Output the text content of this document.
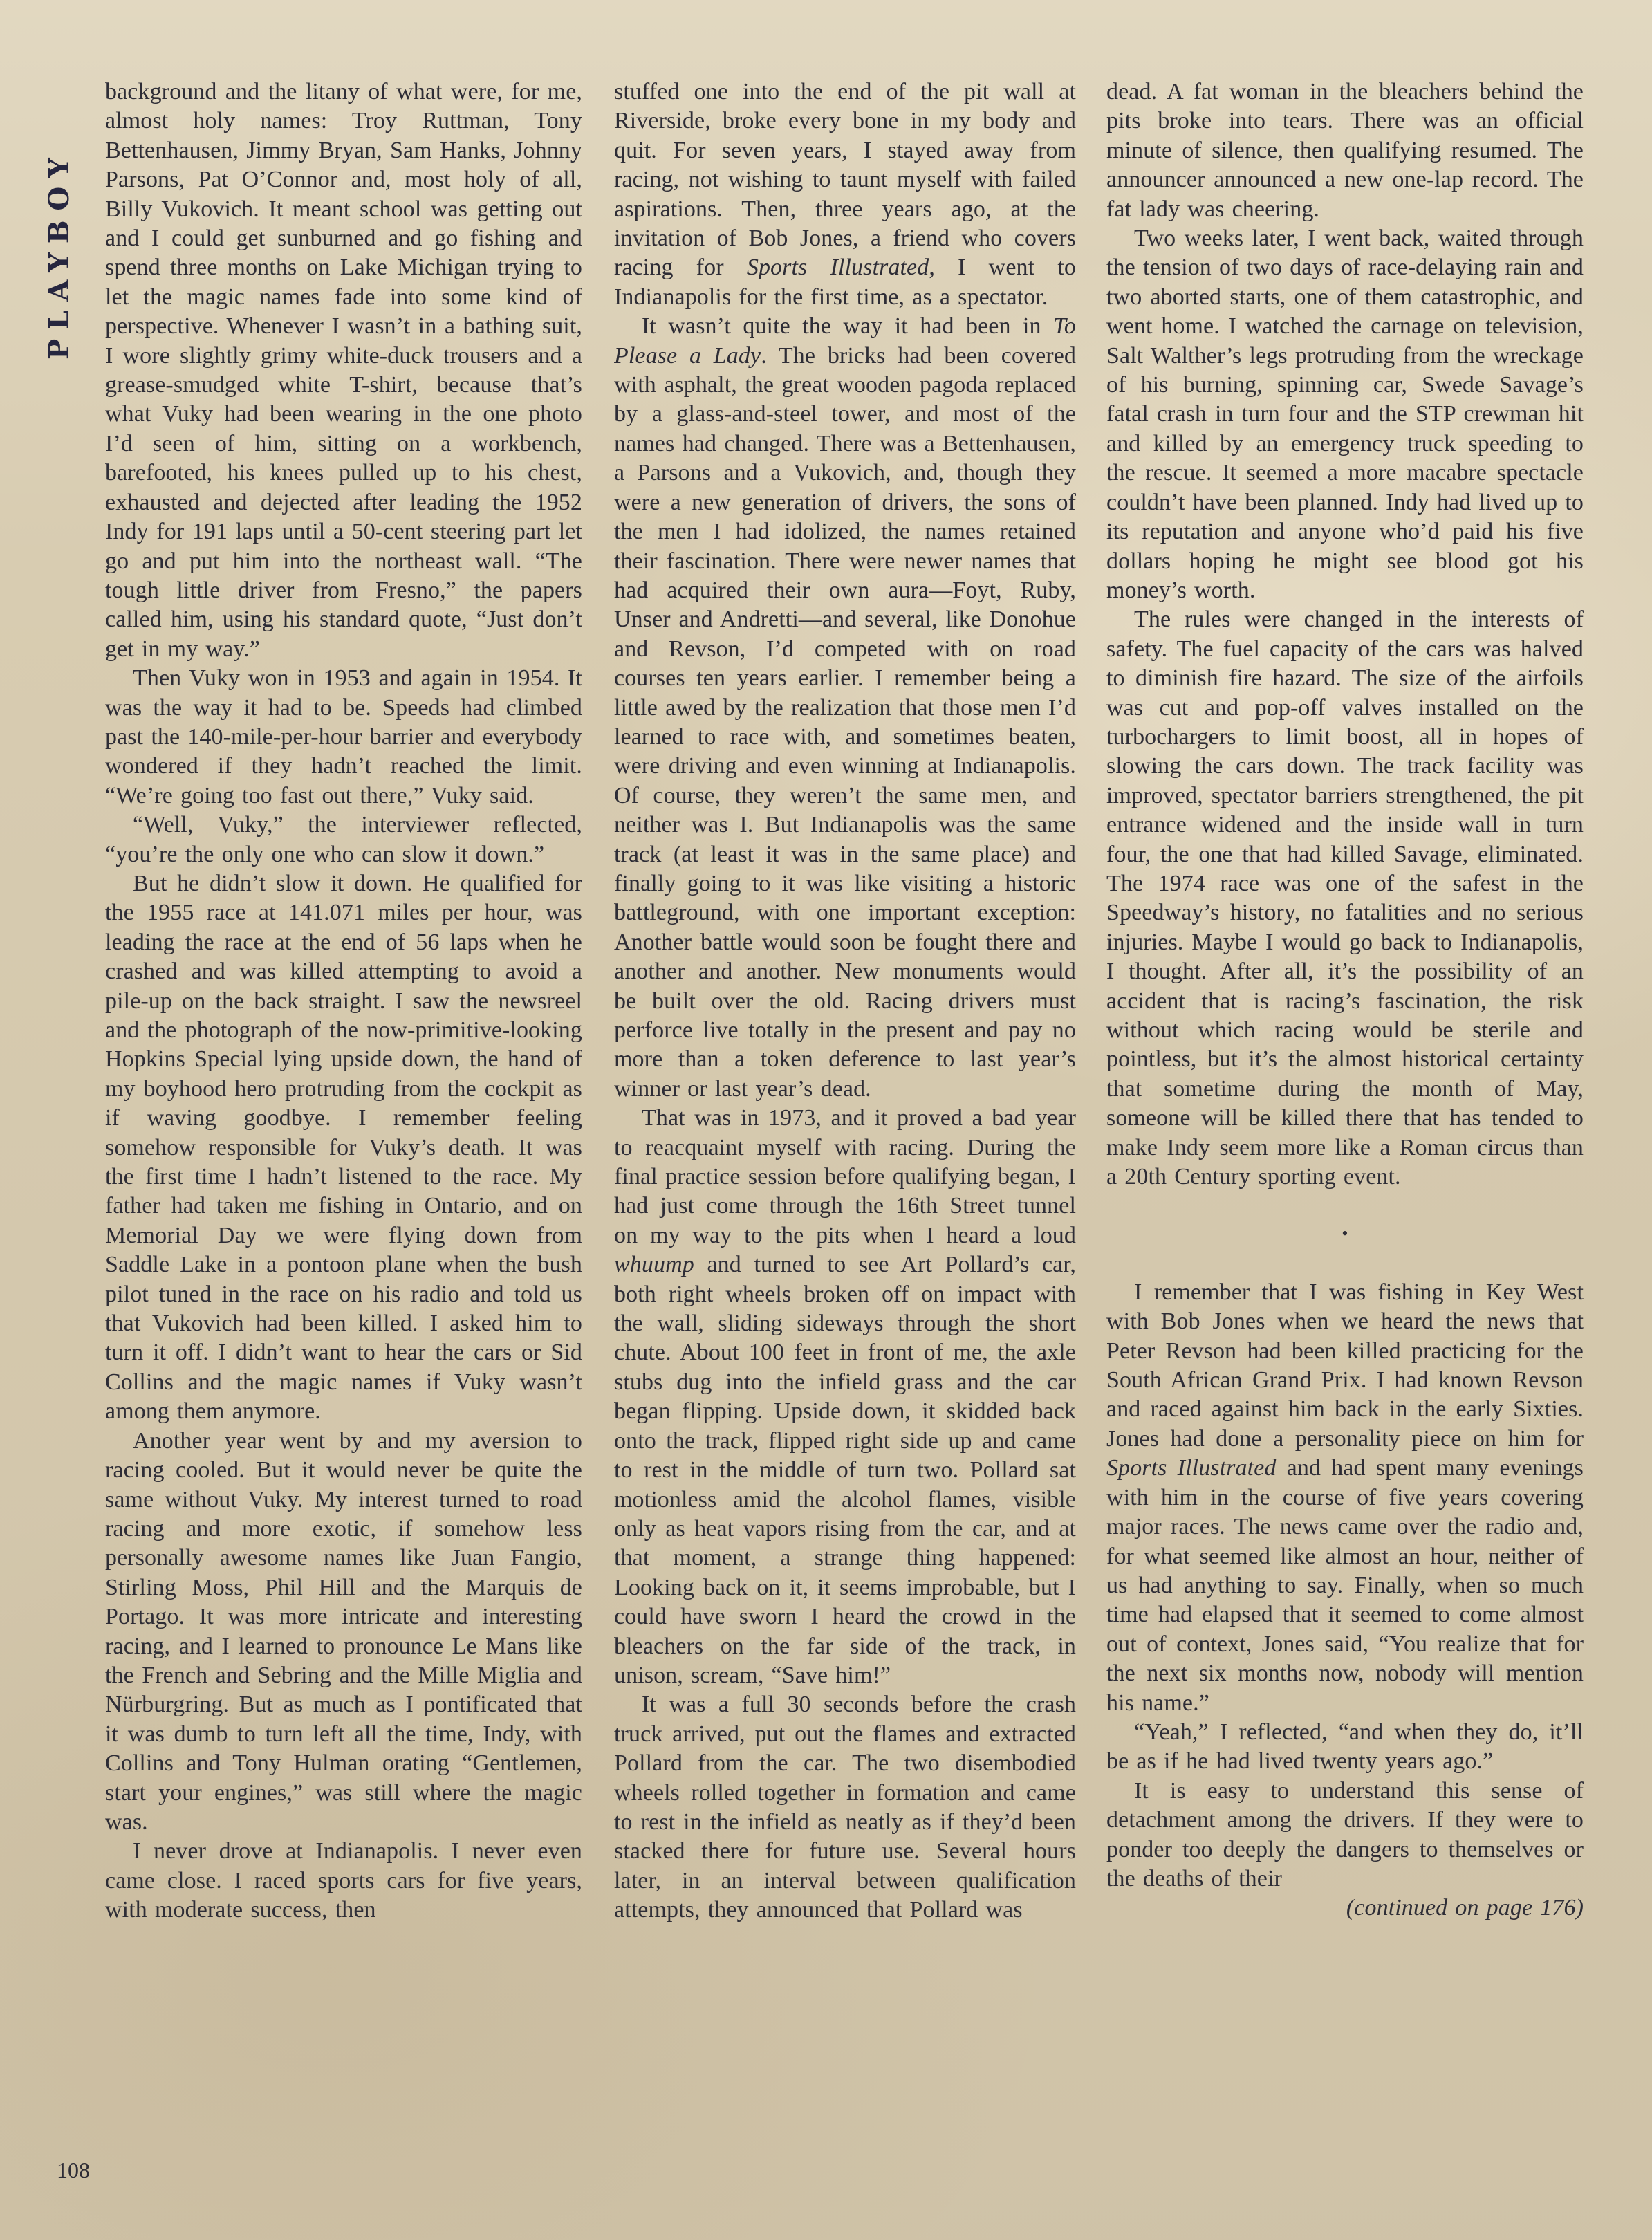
PLAYBOY

background and the litany of what were, for me, almost holy names: Troy Ruttman, Tony Bettenhausen, Jimmy Bryan, Sam Hanks, Johnny Parsons, Pat O’Connor and, most holy of all, Billy Vukovich. It meant school was getting out and I could get sunburned and go fishing and spend three months on Lake Michigan trying to let the magic names fade into some kind of perspective. Whenever I wasn’t in a bathing suit, I wore slightly grimy white-duck trousers and a grease-smudged white T-shirt, because that’s what Vuky had been wearing in the one photo I’d seen of him, sitting on a workbench, barefooted, his knees pulled up to his chest, exhausted and dejected after leading the 1952 Indy for 191 laps until a 50-cent steering part let go and put him into the northeast wall. “The tough little driver from Fresno,” the papers called him, using his standard quote, “Just don’t get in my way.”

Then Vuky won in 1953 and again in 1954. It was the way it had to be. Speeds had climbed past the 140-mile-per-hour barrier and everybody wondered if they hadn’t reached the limit. “We’re going too fast out there,” Vuky said.

“Well, Vuky,” the interviewer reflected, “you’re the only one who can slow it down.”

But he didn’t slow it down. He qualified for the 1955 race at 141.071 miles per hour, was leading the race at the end of 56 laps when he crashed and was killed attempting to avoid a pile-up on the back straight. I saw the newsreel and the photograph of the now-primitive-looking Hopkins Special lying upside down, the hand of my boyhood hero protruding from the cockpit as if waving goodbye. I remember feeling somehow responsible for Vuky’s death. It was the first time I hadn’t listened to the race. My father had taken me fishing in Ontario, and on Memorial Day we were flying down from Saddle Lake in a pontoon plane when the bush pilot tuned in the race on his radio and told us that Vukovich had been killed. I asked him to turn it off. I didn’t want to hear the cars or Sid Collins and the magic names if Vuky wasn’t among them anymore.

Another year went by and my aversion to racing cooled. But it would never be quite the same without Vuky. My interest turned to road racing and more exotic, if somehow less personally awesome names like Juan Fangio, Stirling Moss, Phil Hill and the Marquis de Portago. It was more intricate and interesting racing, and I learned to pronounce Le Mans like the French and Sebring and the Mille Miglia and Nürburgring. But as much as I pontificated that it was dumb to turn left all the time, Indy, with Collins and Tony Hulman orating “Gentlemen, start your engines,” was still where the magic was.

I never drove at Indianapolis. I never even came close. I raced sports cars for five years, with moderate success, then

stuffed one into the end of the pit wall at Riverside, broke every bone in my body and quit. For seven years, I stayed away from racing, not wishing to taunt myself with failed aspirations. Then, three years ago, at the invitation of Bob Jones, a friend who covers racing for Sports Illustrated, I went to Indianapolis for the first time, as a spectator.

It wasn’t quite the way it had been in To Please a Lady. The bricks had been covered with asphalt, the great wooden pagoda replaced by a glass-and-steel tower, and most of the names had changed. There was a Bettenhausen, a Parsons and a Vukovich, and, though they were a new generation of drivers, the sons of the men I had idolized, the names retained their fascination. There were newer names that had acquired their own aura—Foyt, Ruby, Unser and Andretti—and several, like Donohue and Revson, I’d competed with on road courses ten years earlier. I remember being a little awed by the realization that those men I’d learned to race with, and sometimes beaten, were driving and even winning at Indianapolis. Of course, they weren’t the same men, and neither was I. But Indianapolis was the same track (at least it was in the same place) and finally going to it was like visiting a historic battleground, with one important exception: Another battle would soon be fought there and another and another. New monuments would be built over the old. Racing drivers must perforce live totally in the present and pay no more than a token deference to last year’s winner or last year’s dead.

That was in 1973, and it proved a bad year to reacquaint myself with racing. During the final practice session before qualifying began, I had just come through the 16th Street tunnel on my way to the pits when I heard a loud whuump and turned to see Art Pollard’s car, both right wheels broken off on impact with the wall, sliding sideways through the short chute. About 100 feet in front of me, the axle stubs dug into the infield grass and the car began flipping. Upside down, it skidded back onto the track, flipped right side up and came to rest in the middle of turn two. Pollard sat motionless amid the alcohol flames, visible only as heat vapors rising from the car, and at that moment, a strange thing happened: Looking back on it, it seems improbable, but I could have sworn I heard the crowd in the bleachers on the far side of the track, in unison, scream, “Save him!”

It was a full 30 seconds before the crash truck arrived, put out the flames and extracted Pollard from the car. The two disembodied wheels rolled together in formation and came to rest in the infield as neatly as if they’d been stacked there for future use. Several hours later, in an interval between qualification attempts, they announced that Pollard was

dead. A fat woman in the bleachers behind the pits broke into tears. There was an official minute of silence, then qualifying resumed. The announcer announced a new one-lap record. The fat lady was cheering.

Two weeks later, I went back, waited through the tension of two days of race-delaying rain and two aborted starts, one of them catastrophic, and went home. I watched the carnage on television, Salt Walther’s legs protruding from the wreckage of his burning, spinning car, Swede Savage’s fatal crash in turn four and the STP crewman hit and killed by an emergency truck speeding to the rescue. It seemed a more macabre spectacle couldn’t have been planned. Indy had lived up to its reputation and anyone who’d paid his five dollars hoping he might see blood got his money’s worth.

The rules were changed in the interests of safety. The fuel capacity of the cars was halved to diminish fire hazard. The size of the airfoils was cut and pop-off valves installed on the turbochargers to limit boost, all in hopes of slowing the cars down. The track facility was improved, spectator barriers strengthened, the pit entrance widened and the inside wall in turn four, the one that had killed Savage, eliminated. The 1974 race was one of the safest in the Speedway’s history, no fatalities and no serious injuries. Maybe I would go back to Indianapolis, I thought. After all, it’s the possibility of an accident that is racing’s fascination, the risk without which racing would be sterile and pointless, but it’s the almost historical certainty that sometime during the month of May, someone will be killed there that has tended to make Indy seem more like a Roman circus than a 20th Century sporting event.

•

I remember that I was fishing in Key West with Bob Jones when we heard the news that Peter Revson had been killed practicing for the South African Grand Prix. I had known Revson and raced against him back in the early Sixties. Jones had done a personality piece on him for Sports Illustrated and had spent many evenings with him in the course of five years covering major races. The news came over the radio and, for what seemed like almost an hour, neither of us had anything to say. Finally, when so much time had elapsed that it seemed to come almost out of context, Jones said, “You realize that for the next six months now, nobody will mention his name.”

“Yeah,” I reflected, “and when they do, it’ll be as if he had lived twenty years ago.”

It is easy to understand this sense of detachment among the drivers. If they were to ponder too deeply the dangers to themselves or the deaths of their

(continued on page 176)

108
